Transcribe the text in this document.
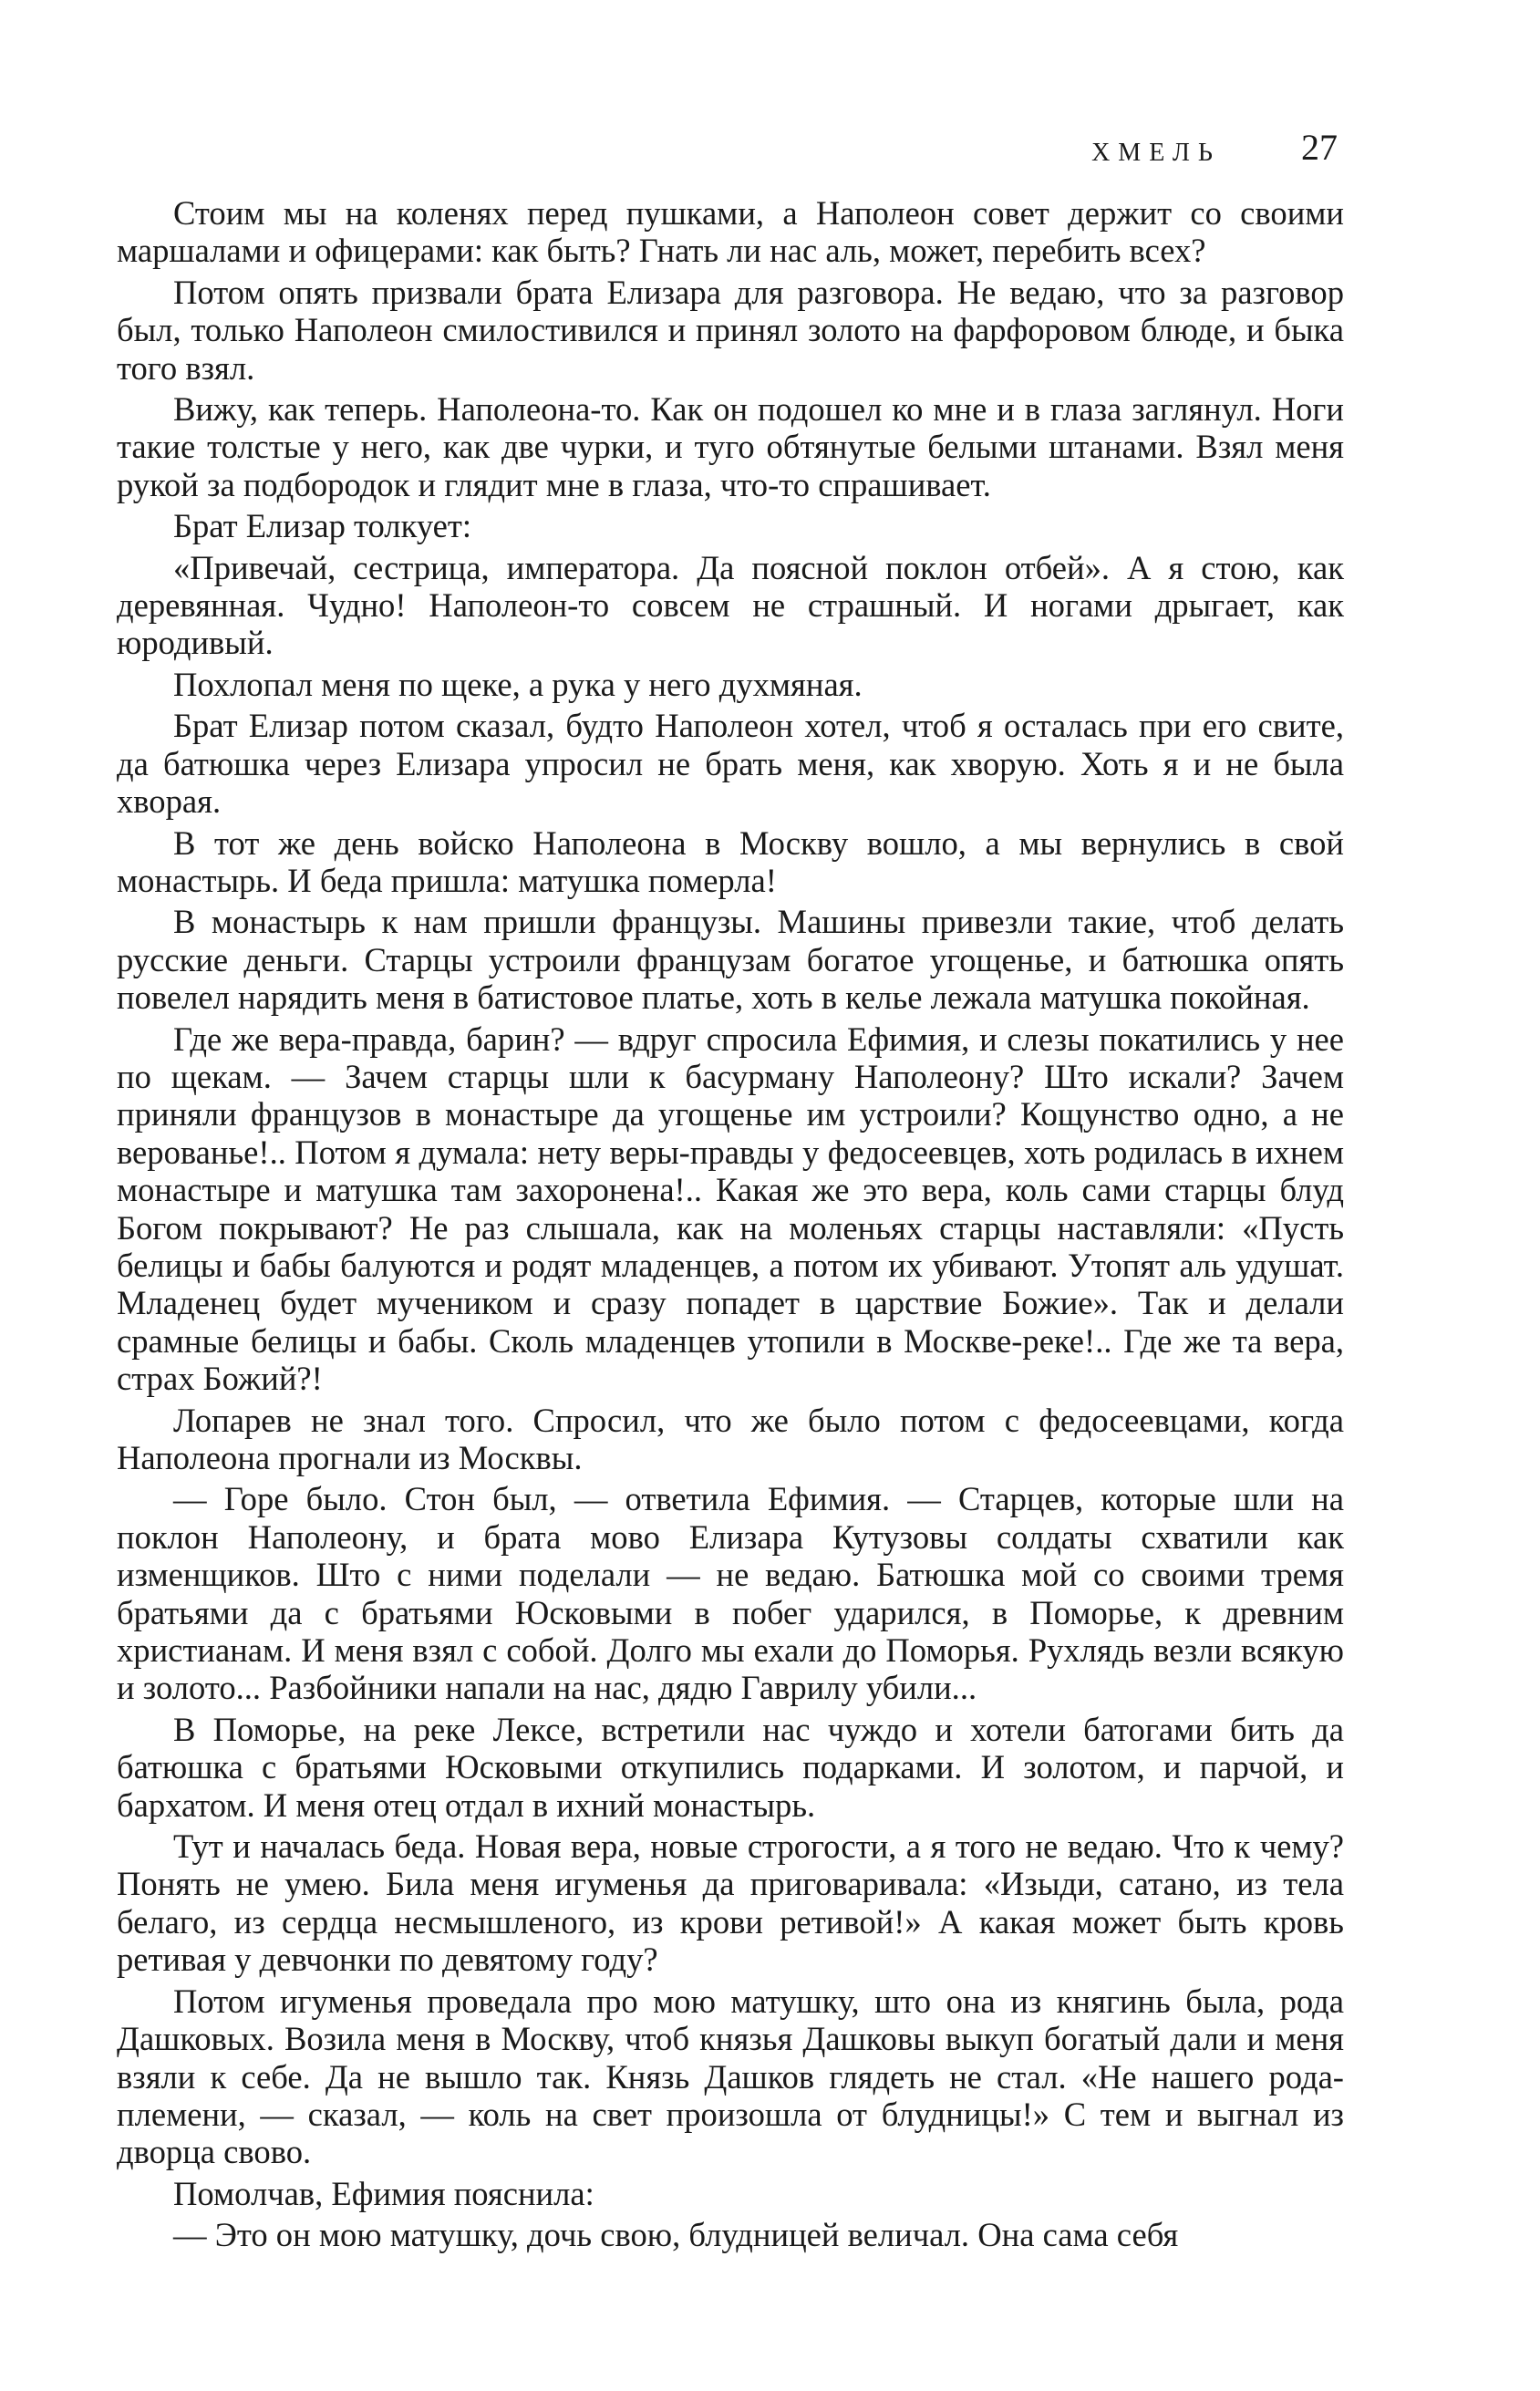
ХМЕЛЬ 27

Стоим мы на коленях перед пушками, а Наполеон совет держит со своими маршалами и офицерами: как быть? Гнать ли нас аль, может, перебить всех?

Потом опять призвали брата Елизара для разговора. Не ведаю, что за разговор был, только Наполеон смилостивился и принял золото на фарфоровом блюде, и быка того взял.

Вижу, как теперь. Наполеона-то. Как он подошел ко мне и в глаза заглянул. Ноги такие толстые у него, как две чурки, и туго обтянутые белыми штанами. Взял меня рукой за подбородок и глядит мне в глаза, что-то спрашивает.

Брат Елизар толкует:

«Привечай, сестрица, императора. Да поясной поклон отбей». А я стою, как деревянная. Чудно! Наполеон-то совсем не страшный. И ногами дрыгает, как юродивый.

Похлопал меня по щеке, а рука у него духмяная.

Брат Елизар потом сказал, будто Наполеон хотел, чтоб я осталась при его свите, да батюшка через Елизара упросил не брать меня, как хворую. Хоть я и не была хворая.

В тот же день войско Наполеона в Москву вошло, а мы вернулись в свой монастырь. И беда пришла: матушка померла!

В монастырь к нам пришли французы. Машины привезли такие, чтоб делать русские деньги. Старцы устроили французам богатое угощенье, и батюшка опять повелел нарядить меня в батистовое платье, хоть в келье лежала матушка покойная.

Где же вера-правда, барин? — вдруг спросила Ефимия, и слезы покатились у нее по щекам. — Зачем старцы шли к басурману Наполеону? Што искали? Зачем приняли французов в монастыре да угощенье им устроили? Кощунство одно, а не верованье!.. Потом я думала: нету веры-правды у федосеевцев, хоть родилась в ихнем монастыре и матушка там захоронена!.. Какая же это вера, коль сами старцы блуд Богом покрывают? Не раз слышала, как на моленьях старцы наставляли: «Пусть белицы и бабы балуются и родят младенцев, а потом их убивают. Утопят аль удушат. Младенец будет мучеником и сразу попадет в царствие Божие». Так и делали срамные белицы и бабы. Сколь младенцев утопили в Москве-реке!.. Где же та вера, страх Божий?!

Лопарев не знал того. Спросил, что же было потом с федосеевцами, когда Наполеона прогнали из Москвы.

— Горе было. Стон был, — ответила Ефимия. — Старцев, которые шли на поклон Наполеону, и брата мово Елизара Кутузовы солдаты схватили как изменщиков. Што с ними поделали — не ведаю. Батюшка мой со своими тремя братьями да с братьями Юсковыми в побег ударился, в Поморье, к древним христианам. И меня взял с собой. Долго мы ехали до Поморья. Рухлядь везли всякую и золото... Разбойники напали на нас, дядю Гаврилу убили...

В Поморье, на реке Лексе, встретили нас чуждо и хотели батогами бить да батюшка с братьями Юсковыми откупились подарками. И золотом, и парчой, и бархатом. И меня отец отдал в ихний монастырь.

Тут и началась беда. Новая вера, новые строгости, а я того не ведаю. Что к чему? Понять не умею. Била меня игуменья да приговаривала: «Изыди, сатано, из тела белаго, из сердца несмышленого, из крови ретивой!» А какая может быть кровь ретивая у девчонки по девятому году?

Потом игуменья проведала про мою матушку, што она из княгинь была, рода Дашковых. Возила меня в Москву, чтоб князья Дашковы выкуп богатый дали и меня взяли к себе. Да не вышло так. Князь Дашков глядеть не стал. «Не нашего рода-племени, — сказал, — коль на свет произошла от блудницы!» С тем и выгнал из дворца свово.

Помолчав, Ефимия пояснила:

— Это он мою матушку, дочь свою, блудницей величал. Она сама себя
